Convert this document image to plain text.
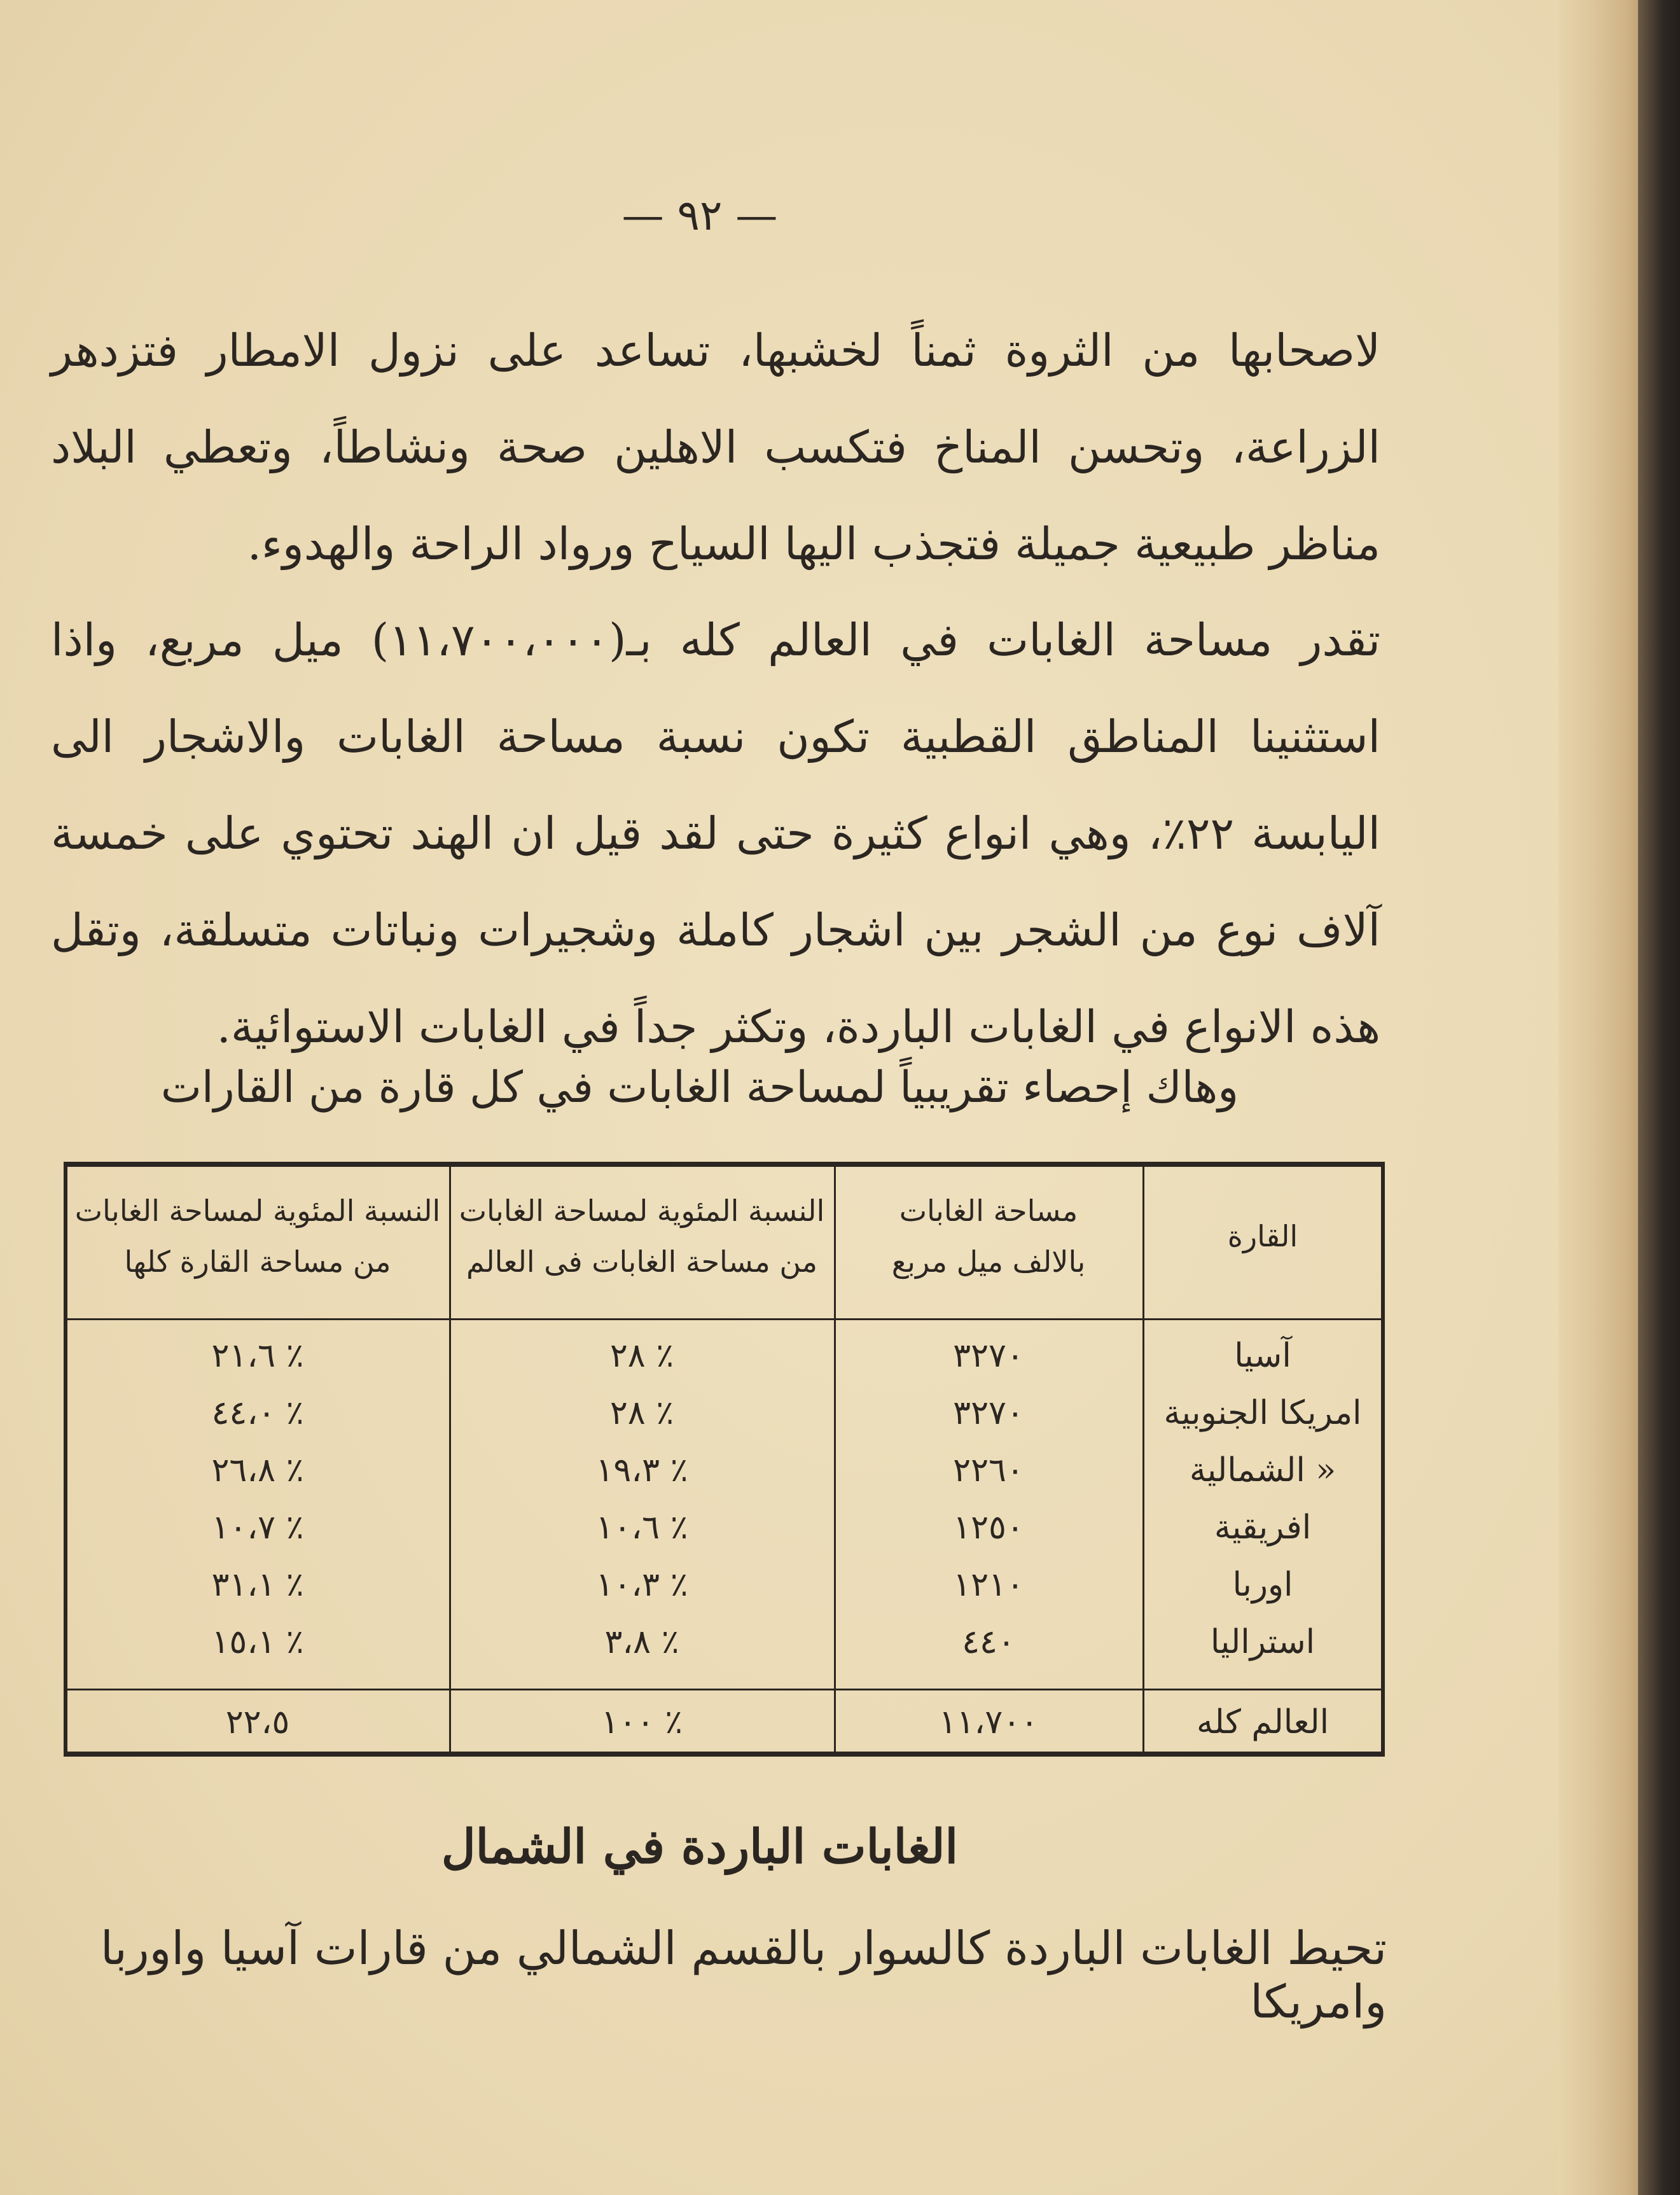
— ٩٢ —
لاصحابها من الثروة ثمناً لخشبها، تساعد على نزول الامطار فتزدهر الزراعة، وتحسن المناخ فتكسب الاهلين صحة ونشاطاً، وتعطي البلاد مناظر طبيعية جميلة فتجذب اليها السياح ورواد الراحة والهدوء.
تقدر مساحة الغابات في العالم كله بـ(١١،٧٠٠،٠٠٠) ميل مربع، واذا استثنينا المناطق القطبية تكون نسبة مساحة الغابات والاشجار الى اليابسة ٢٢٪، وهي انواع كثيرة حتى لقد قيل ان الهند تحتوي على خمسة آلاف نوع من الشجر بين اشجار كاملة وشجيرات ونباتات متسلقة، وتقل هذه الانواع في الغابات الباردة، وتكثر جداً في الغابات الاستوائية.
وهاك إحصاء تقريبياً لمساحة الغابات في كل قارة من القارات
القارة
مساحة الغابات
بالالف ميل مربع
النسبة المئوية لمساحة الغابات
من مساحة الغابات فى العالم
النسبة المئوية لمساحة الغابات
من مساحة القارة كلها
آسيا
٣٢٧٠
٢٨ ٪
٢١،٦ ٪
امريكا الجنوبية
٣٢٧٠
٢٨ ٪
٤٤،٠ ٪
« الشمالية
٢٢٦٠
١٩،٣ ٪
٢٦،٨ ٪
افريقية
١٢٥٠
١٠،٦ ٪
١٠،٧ ٪
اوربا
١٢١٠
١٠،٣ ٪
٣١،١ ٪
استراليا
٤٤٠
٣،٨ ٪
١٥،١ ٪
العالم كله
١١،٧٠٠
١٠٠ ٪
٢٢،٥
الغابات الباردة في الشمال
تحيط الغابات الباردة كالسوار بالقسم الشمالي من قارات آسيا واوربا وامريكا
